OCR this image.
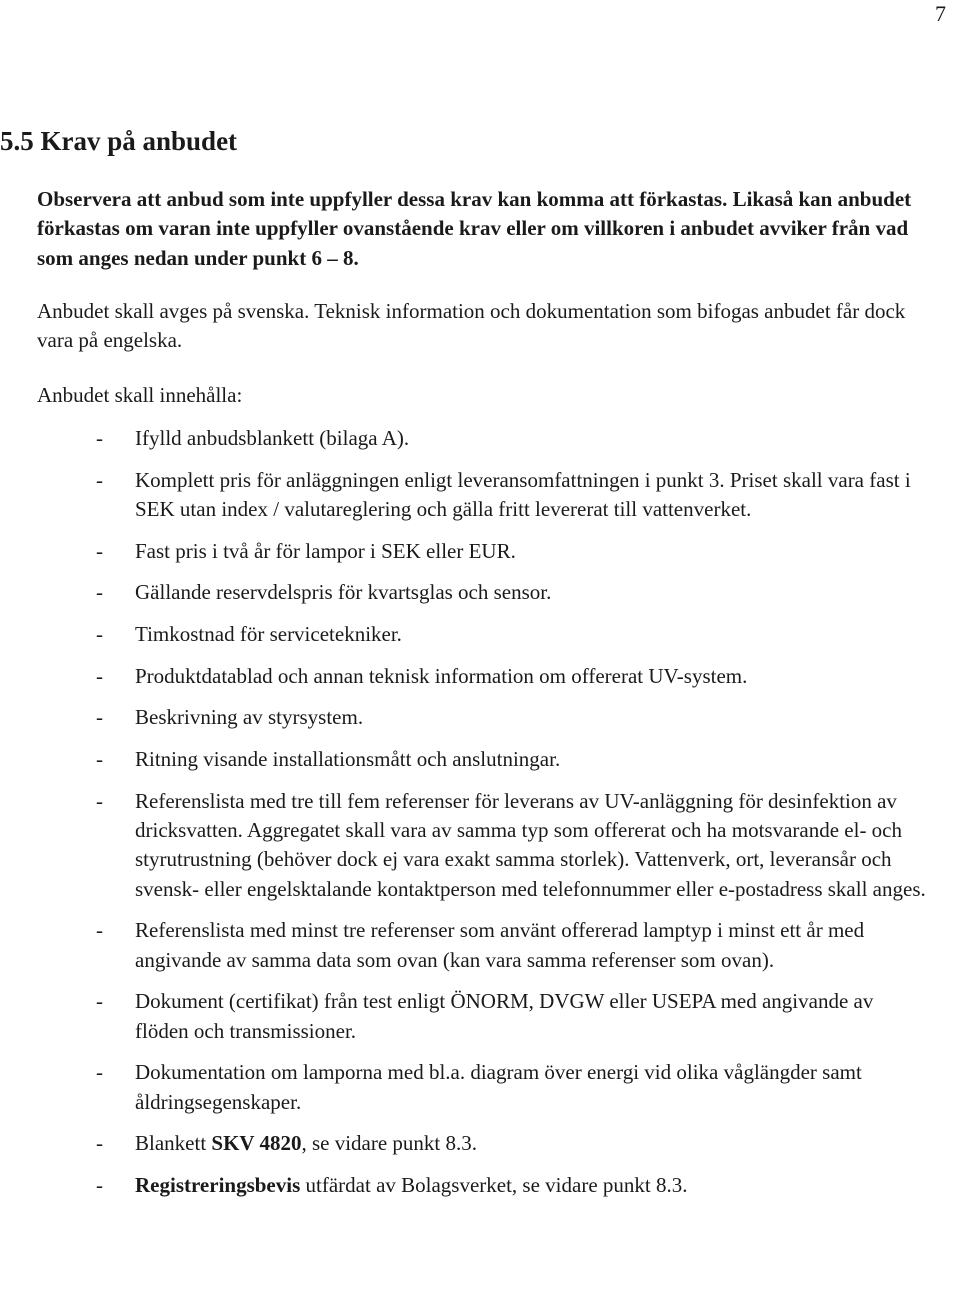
7
5.5 Krav på anbudet

Observera att anbud som inte uppfyller dessa krav kan komma att förkastas. Likaså kan anbudet förkastas om varan inte uppfyller ovanstående krav eller om villkoren i anbudet avviker från vad som anges nedan under punkt 6 – 8.

Anbudet skall avges på svenska. Teknisk information och dokumentation som bifogas anbudet får dock vara på engelska.

Anbudet skall innehålla:

- Ifylld anbudsblankett (bilaga A).
- Komplett pris för anläggningen enligt leveransomfattningen i punkt 3. Priset skall vara fast i SEK utan index / valutareglering och gälla fritt levererat till vattenverket.
- Fast pris i två år för lampor i SEK eller EUR.
- Gällande reservdelspris för kvartsglas och sensor.
- Timkostnad för servicetekniker.
- Produktdatablad och annan teknisk information om offererat UV-system.
- Beskrivning av styrsystem.
- Ritning visande installationsmått och anslutningar.
- Referenslista med tre till fem referenser för leverans av UV-anläggning för desinfektion av dricksvatten. Aggregatet skall vara av samma typ som offererat och ha motsvarande el- och styrutrustning (behöver dock ej vara exakt samma storlek). Vattenverk, ort, leveransår och svensk- eller engelsktalande kontaktperson med telefonnummer eller e-postadress skall anges.
- Referenslista med minst tre referenser som använt offererad lamptyp i minst ett år med angivande av samma data som ovan (kan vara samma referenser som ovan).
- Dokument (certifikat) från test enligt ÖNORM, DVGW eller USEPA med angivande av flöden och transmissioner.
- Dokumentation om lamporna med bl.a. diagram över energi vid olika våglängder samt åldringsegenskaper.
- Blankett SKV 4820, se vidare punkt 8.3.
- Registreringsbevis utfärdat av Bolagsverket, se vidare punkt 8.3.
